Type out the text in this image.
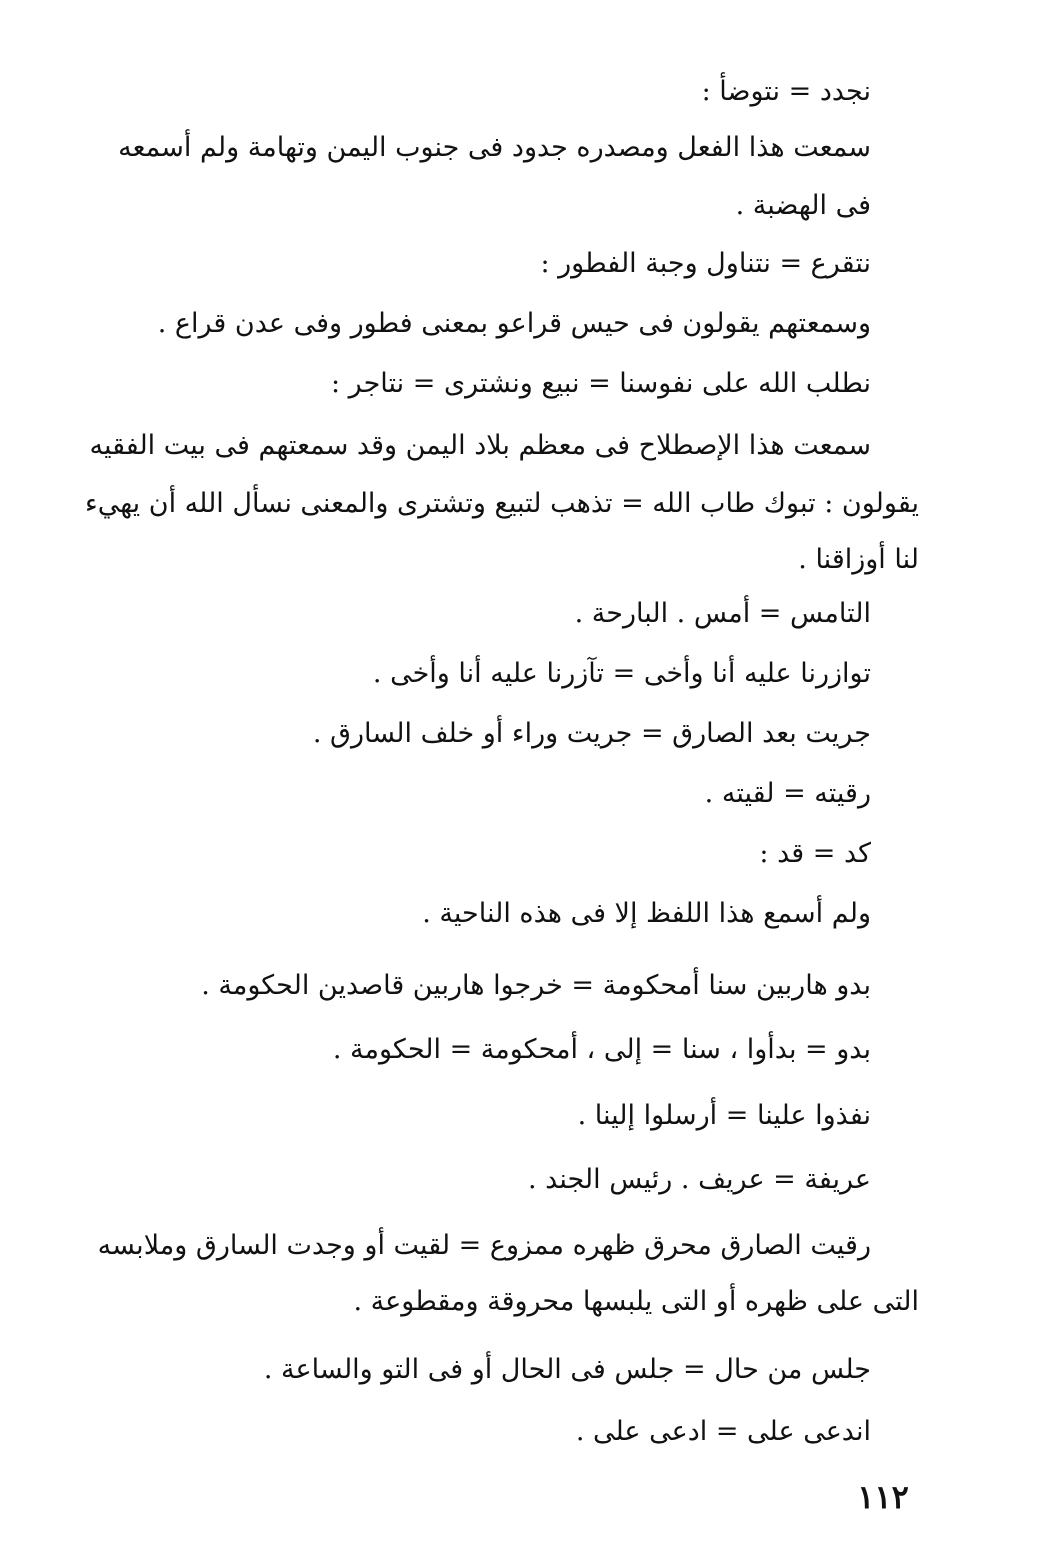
نجدد = نتوضأ :
سمعت هذا الفعل ومصدره جدود فى جنوب اليمن وتهامة ولم أسمعه
فى الهضبة .
نتقرع = نتناول وجبة الفطور :
وسمعتهم يقولون فى حيس قراعو بمعنى فطور وفى عدن قراع .
نطلب الله على نفوسنا = نبيع ونشترى = نتاجر :
سمعت هذا الإصطلاح فى معظم بلاد اليمن وقد سمعتهم فى بيت الفقيه
يقولون : تبوك طاب الله = تذهب لتبيع وتشترى والمعنى نسأل الله أن يهيء
لنا أوزاقنا .
التامس = أمس . البارحة .
توازرنا عليه أنا وأخى = تآزرنا عليه أنا وأخى .
جريت بعد الصارق = جريت وراء أو خلف السارق .
رقيته = لقيته .
كد = قد :
ولم أسمع هذا اللفظ إلا فى هذه الناحية .
بدو هاربين سنا أمحكومة = خرجوا هاربين قاصدين الحكومة .
بدو = بدأوا ، سنا = إلى ، أمحكومة = الحكومة .
نفذوا علينا = أرسلوا إلينا .
عريفة = عريف . رئيس الجند .
رقيت الصارق محرق ظهره ممزوع = لقيت أو وجدت السارق وملابسه
التى على ظهره أو التى يلبسها محروقة ومقطوعة .
جلس من حال = جلس فى الحال أو فى التو والساعة .
اندعى على = ادعى على .
١١٢
